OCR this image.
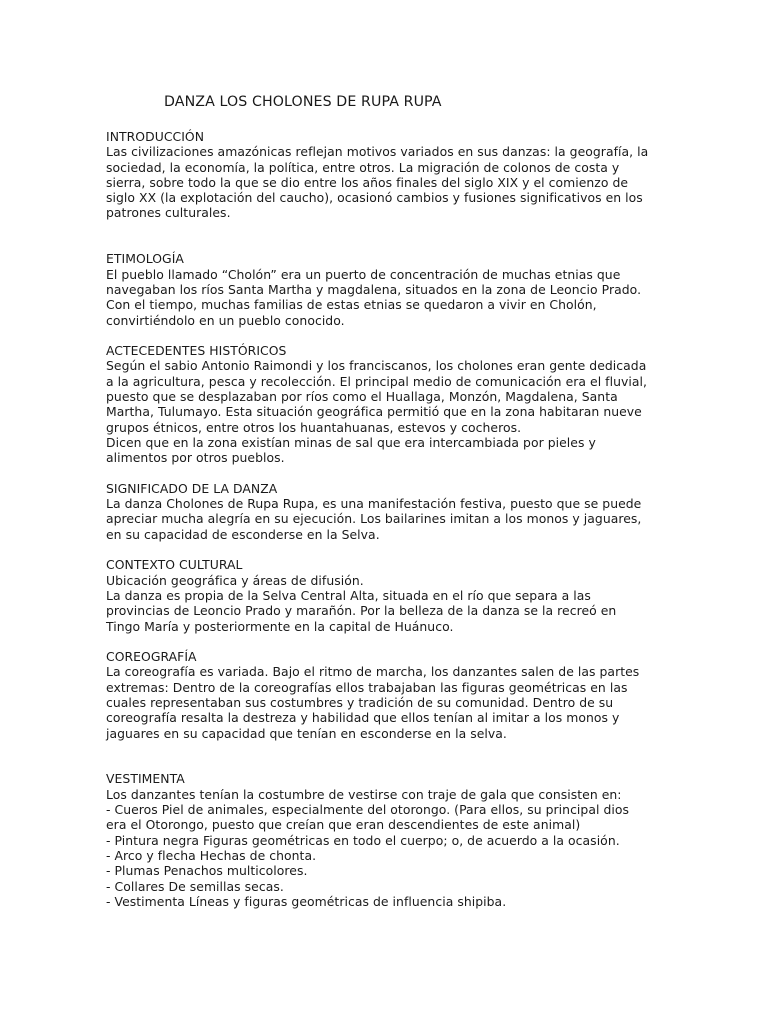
DANZA LOS CHOLONES DE RUPA RUPA
INTRODUCCIÓN
Las civilizaciones amazónicas reflejan motivos variados en sus danzas: la geografía, la
sociedad, la economía, la política, entre otros. La migración de colonos de costa y
sierra, sobre todo la que se dio entre los años finales del siglo XIX y el comienzo de
siglo XX (la explotación del caucho), ocasionó cambios y fusiones significativos en los
patrones culturales.
ETIMOLOGÍA
El pueblo llamado “Cholón” era un puerto de concentración de muchas etnias que
navegaban los ríos Santa Martha y magdalena, situados en la zona de Leoncio Prado.
Con el tiempo, muchas familias de estas etnias se quedaron a vivir en Cholón,
convirtiéndolo en un pueblo conocido.
ACTECEDENTES HISTÓRICOS
Según el sabio Antonio Raimondi y los franciscanos, los cholones eran gente dedicada
a la agricultura, pesca y recolección. El principal medio de comunicación era el fluvial,
puesto que se desplazaban por ríos como el Huallaga, Monzón, Magdalena, Santa
Martha, Tulumayo. Esta situación geográfica permitió que en la zona habitaran nueve
grupos étnicos, entre otros los huantahuanas, estevos y cocheros.
Dicen que en la zona existían minas de sal que era intercambiada por pieles y
alimentos por otros pueblos.
SIGNIFICADO DE LA DANZA
La danza Cholones de Rupa Rupa, es una manifestación festiva, puesto que se puede
apreciar mucha alegría en su ejecución. Los bailarines imitan a los monos y jaguares,
en su capacidad de esconderse en la Selva.
CONTEXTO CULTURAL
Ubicación geográfica y áreas de difusión.
La danza es propia de la Selva Central Alta, situada en el río que separa a las
provincias de Leoncio Prado y marañón. Por la belleza de la danza se la recreó en
Tingo María y posteriormente en la capital de Huánuco.
COREOGRAFÍA
La coreografía es variada. Bajo el ritmo de marcha, los danzantes salen de las partes
extremas: Dentro de la coreografías ellos trabajaban las figuras geométricas en las
cuales representaban sus costumbres y tradición de su comunidad. Dentro de su
coreografía resalta la destreza y habilidad que ellos tenían al imitar a los monos y
jaguares en su capacidad que tenían en esconderse en la selva.
VESTIMENTA
Los danzantes tenían la costumbre de vestirse con traje de gala que consisten en:
- Cueros Piel de animales, especialmente del otorongo. (Para ellos, su principal dios
era el Otorongo, puesto que creían que eran descendientes de este animal)
- Pintura negra Figuras geométricas en todo el cuerpo; o, de acuerdo a la ocasión.
- Arco y flecha Hechas de chonta.
- Plumas Penachos multicolores.
- Collares De semillas secas.
- Vestimenta Líneas y figuras geométricas de influencia shipiba.
